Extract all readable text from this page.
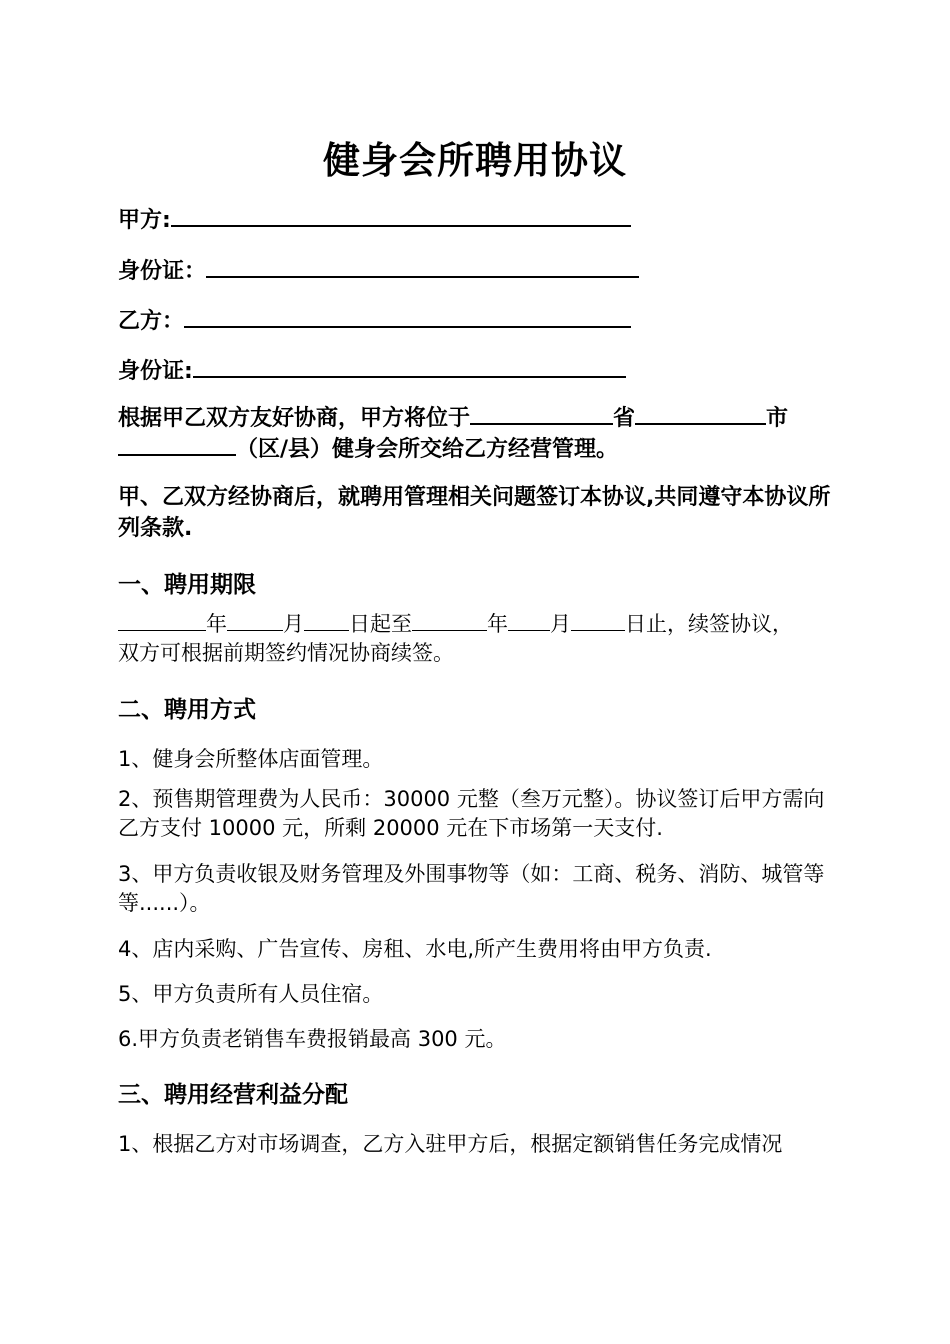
健身会所聘用协议
甲方:
身份证：
乙方：
身份证:
根据甲乙双方友好协商，甲方将位于	省	市
（区/县）健身会所交给乙方经营管理。
甲、乙双方经协商后，就聘用管理相关问题签订本协议,共同遵守本协议所列条款.
一、聘用期限
年	月 日起至	年 月	日止，续签协议，
双方可根据前期签约情况协商续签。
二、聘用方式
1、健身会所整体店面管理。
2、预售期管理费为人民币：30000 元整（叁万元整）。协议签订后甲方需向乙方支付 10000 元，所剩 20000 元在下市场第一天支付.
3、甲方负责收银及财务管理及外围事物等（如：工商、税务、消防、城管等等......）。
4、店内采购、广告宣传、房租、水电,所产生费用将由甲方负责.
5、甲方负责所有人员住宿。
6.甲方负责老销售车费报销最高 300 元。
三、聘用经营利益分配
1、根据乙方对市场调查，乙方入驻甲方后，根据定额销售任务完成情况
